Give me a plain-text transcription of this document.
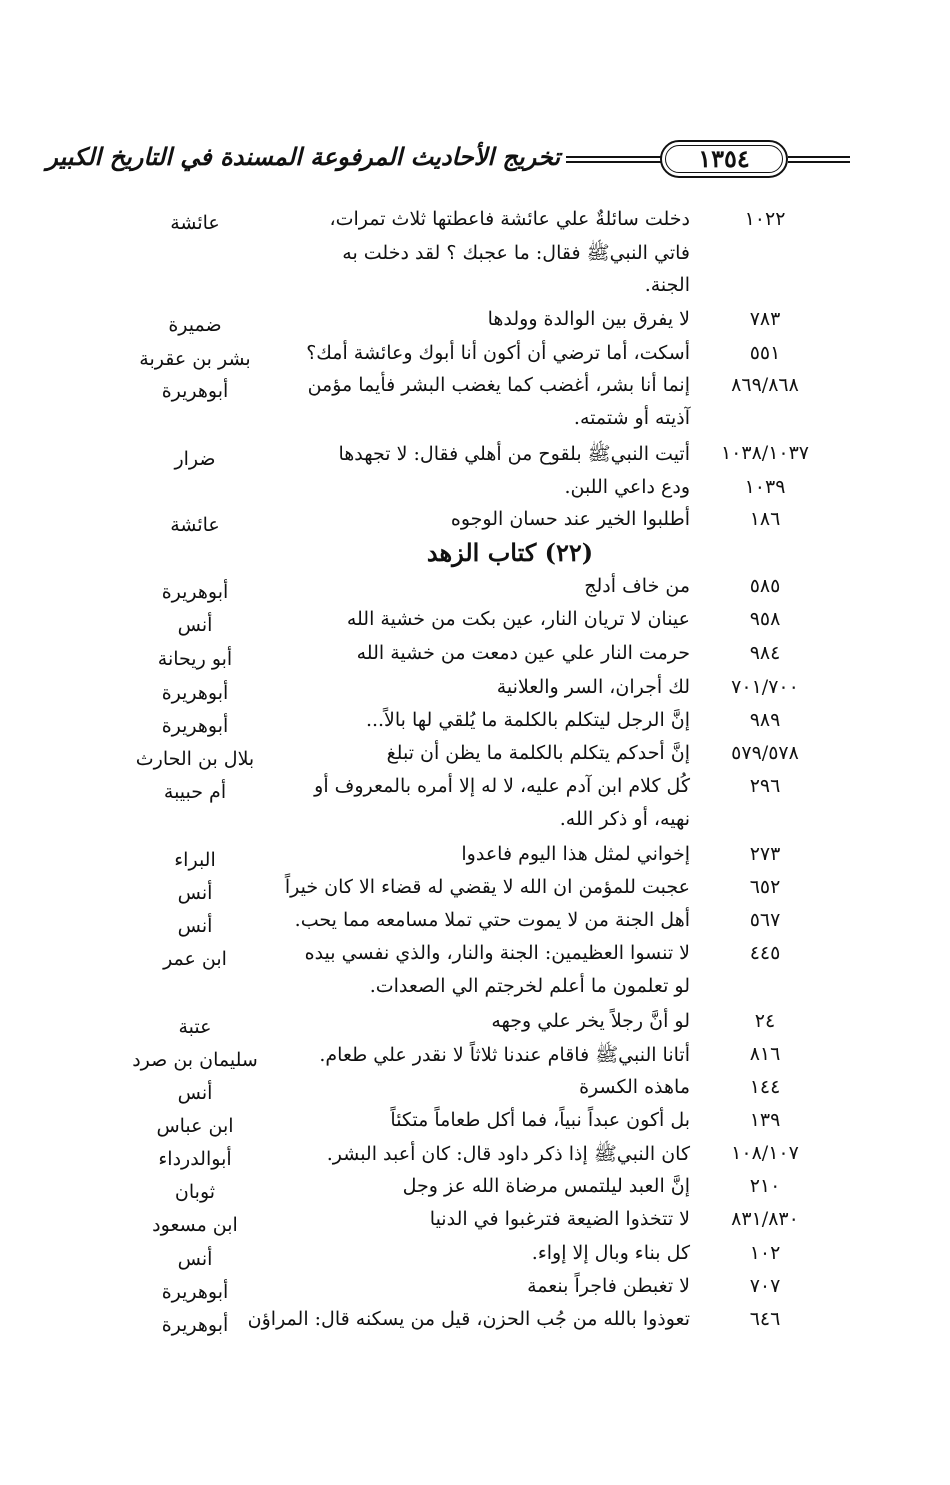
١٣٥٤
تخريج الأحاديث المرفوعة المسندة في التاريخ الكبير
(٢٢) كتاب الزهد
١٠٢٢
دخلت سائلةٌ علي عائشة فاعطتها ثلاث تمرات،
فاتي النبيﷺ فقال: ما عجبك ؟ لقد دخلت به
الجنة.
عائشة
٧٨٣
لا يفرق بين الوالدة وولدها
ضميرة
٥٥١
أسكت، أما ترضي أن أكون أنا أبوك وعائشة أمك؟
بشر بن عقربة
٨٦٩/٨٦٨
إنما أنا بشر، أغضب كما يغضب البشر فأيما مؤمن
آذيته أو شتمته.
أبوهريرة
١٠٣٨/١٠٣٧
أتيت النبيﷺ بلقوح من أهلي فقال: لا تجهدها
ضرار
١٠٣٩
ودع داعي اللبن.
١٨٦
أطلبوا الخير عند حسان الوجوه
عائشة
٥٨٥
من خاف أدلج
أبوهريرة
٩٥٨
عينان لا تريان النار، عين بكت من خشية الله
أنس
٩٨٤
حرمت النار علي عين دمعت من خشية الله
أبو ريحانة
٧٠١/٧٠٠
لك أجران، السر والعلانية
أبوهريرة
٩٨٩
إنَّ الرجل ليتكلم بالكلمة ما يُلقي لها بالاً...
أبوهريرة
٥٧٩/٥٧٨
إنَّ أحدكم يتكلم بالكلمة ما يظن أن تبلغ
بلال بن الحارث
٢٩٦
كُل كلام ابن آدم عليه، لا له إلا أمره بالمعروف أو
نهيه، أو ذكر الله.
أم حبيبة
٢٧٣
إخواني لمثل هذا اليوم فاعدوا
البراء
٦٥٢
عجبت للمؤمن ان الله لا يقضي له قضاء الا كان خيراً
أنس
٥٦٧
أهل الجنة من لا يموت حتي تملا مسامعه مما يحب.
أنس
٤٤٥
لا تنسوا العظيمين: الجنة والنار، والذي نفسي بيده
لو تعلمون ما أعلم لخرجتم الي الصعدات.
ابن عمر
٢٤
لو أنَّ رجلاً يخر علي وجهه
عتبة
٨١٦
أتانا النبيﷺ فاقام عندنا ثلاثاً لا نقدر علي طعام.
سليمان بن صرد
١٤٤
ماهذه الكسرة
أنس
١٣٩
بل أكون عبداً نبياً، فما أكل طعاماً متكئاً
ابن عباس
١٠٨/١٠٧
كان النبيﷺ إذا ذكر داود قال: كان أعبد البشر.
أبوالدرداء
٢١٠
إنَّ العبد ليلتمس مرضاة الله عز وجل
ثوبان
٨٣١/٨٣٠
لا تتخذوا الضيعة فترغبوا في الدنيا
ابن مسعود
١٠٢
كل بناء وبال إلا إواء.
أنس
٧٠٧
لا تغبطن فاجراً بنعمة
أبوهريرة
٦٤٦
تعوذوا بالله من جُب الحزن، قيل من يسكنه قال: المراؤن
أبوهريرة
